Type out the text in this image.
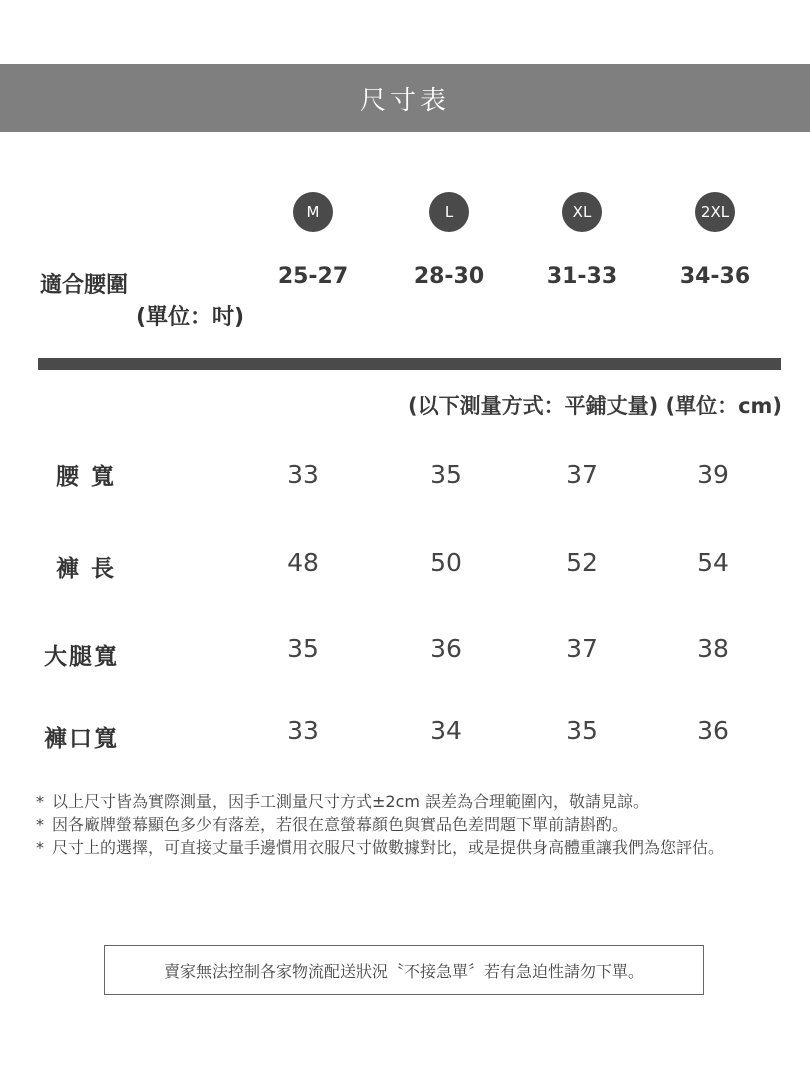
尺寸表
M	L	XL	2XL
適合腰圍
(單位：吋)
25-27	28-30	31-33	34-36
(以下測量方式：平鋪丈量) (單位：cm)
腰 寬	33	35	37	39
褲 長	48	50	52	54
大腿寬	35	36	37	38
褲口寬	33	34	35	36
* 以上尺寸皆為實際測量，因手工測量尺寸方式±2cm 誤差為合理範圍內，敬請見諒。
* 因各廠牌螢幕顯色多少有落差，若很在意螢幕顏色與實品色差問題下單前請斟酌。
* 尺寸上的選擇，可直接丈量手邊慣用衣服尺寸做數據對比，或是提供身高體重讓我們為您評估。
賣家無法控制各家物流配送狀況〝不接急單〞若有急迫性請勿下單。
